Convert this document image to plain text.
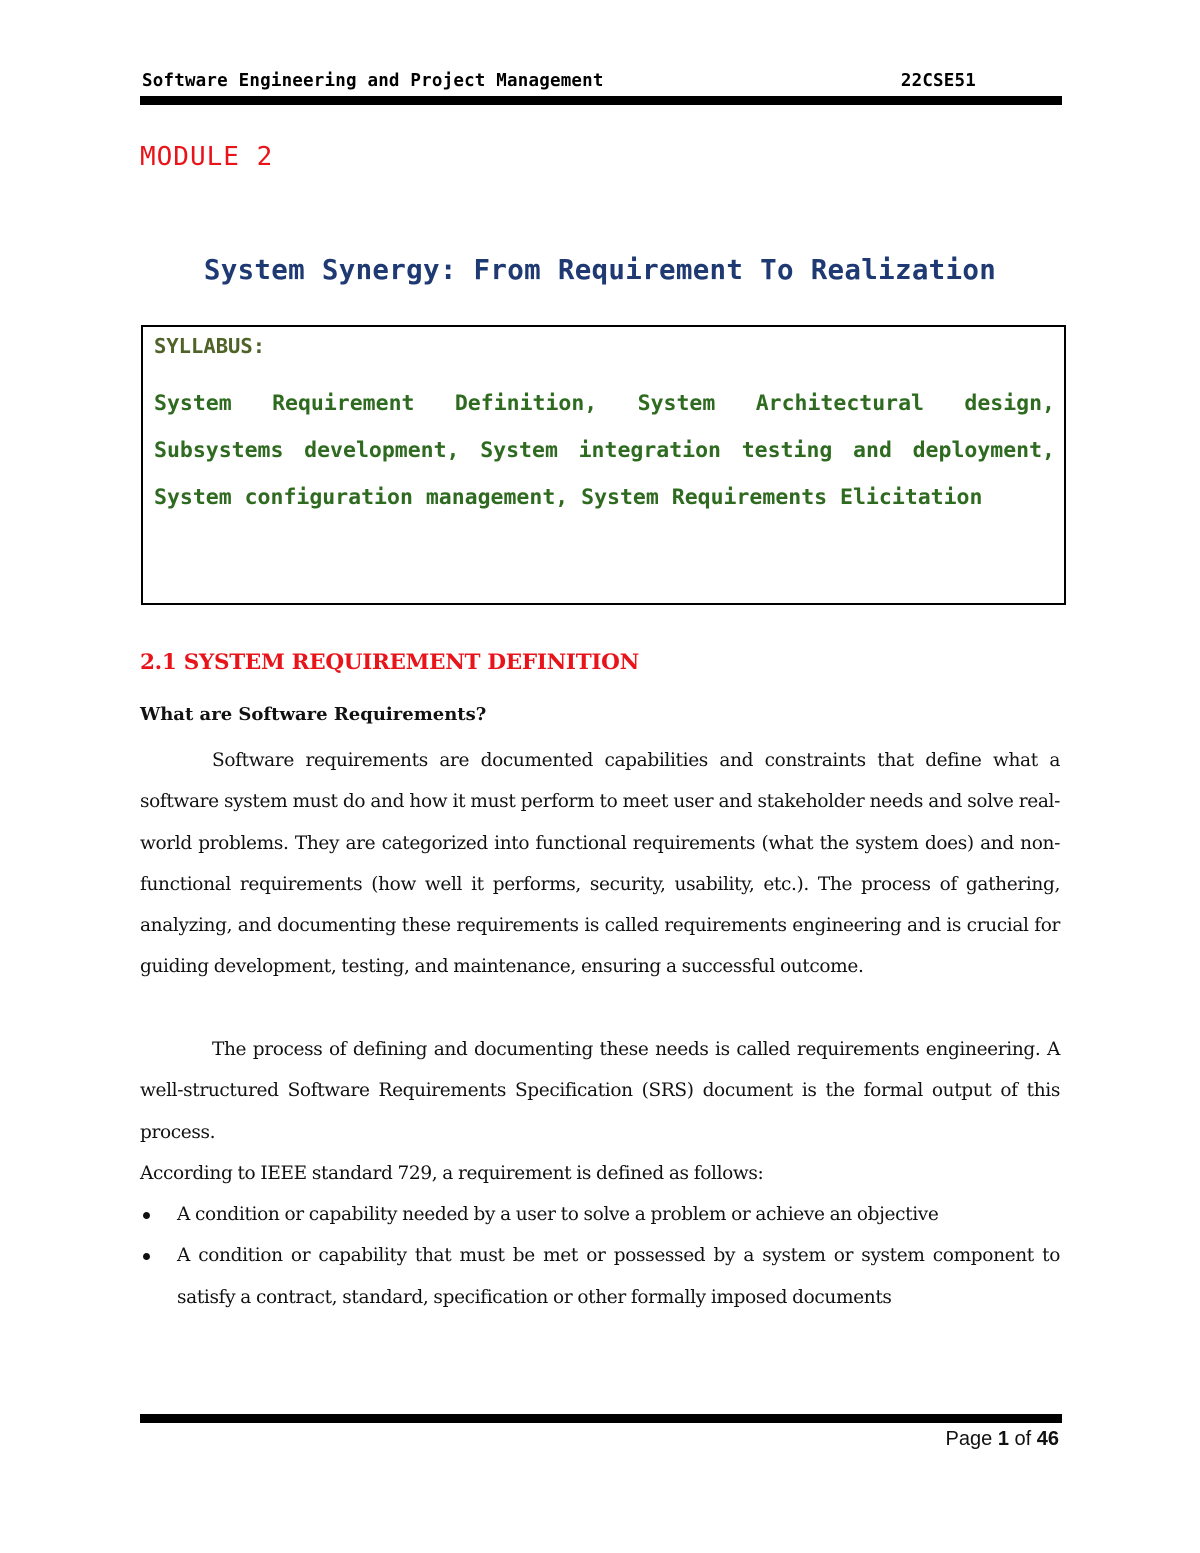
Software Engineering and Project Management	22CSE51
MODULE 2
System Synergy: From Requirement To Realization
SYLLABUS:
System Requirement Definition, System Architectural design, Subsystems development, System integration testing and deployment, System configuration management, System Requirements Elicitation
2.1 SYSTEM REQUIREMENT DEFINITION
What are Software Requirements?

Software requirements are documented capabilities and constraints that define what a software system must do and how it must perform to meet user and stakeholder needs and solve real-world problems. They are categorized into functional requirements (what the system does) and non-functional requirements (how well it performs, security, usability, etc.). The process of gathering, analyzing, and documenting these requirements is called requirements engineering and is crucial for guiding development, testing, and maintenance, ensuring a successful outcome.

The process of defining and documenting these needs is called requirements engineering. A well-structured Software Requirements Specification (SRS) document is the formal output of this process.

According to IEEE standard 729, a requirement is defined as follows:

A condition or capability needed by a user to solve a problem or achieve an objective
A condition or capability that must be met or possessed by a system or system component to satisfy a contract, standard, specification or other formally imposed documents
Page 1 of 46
